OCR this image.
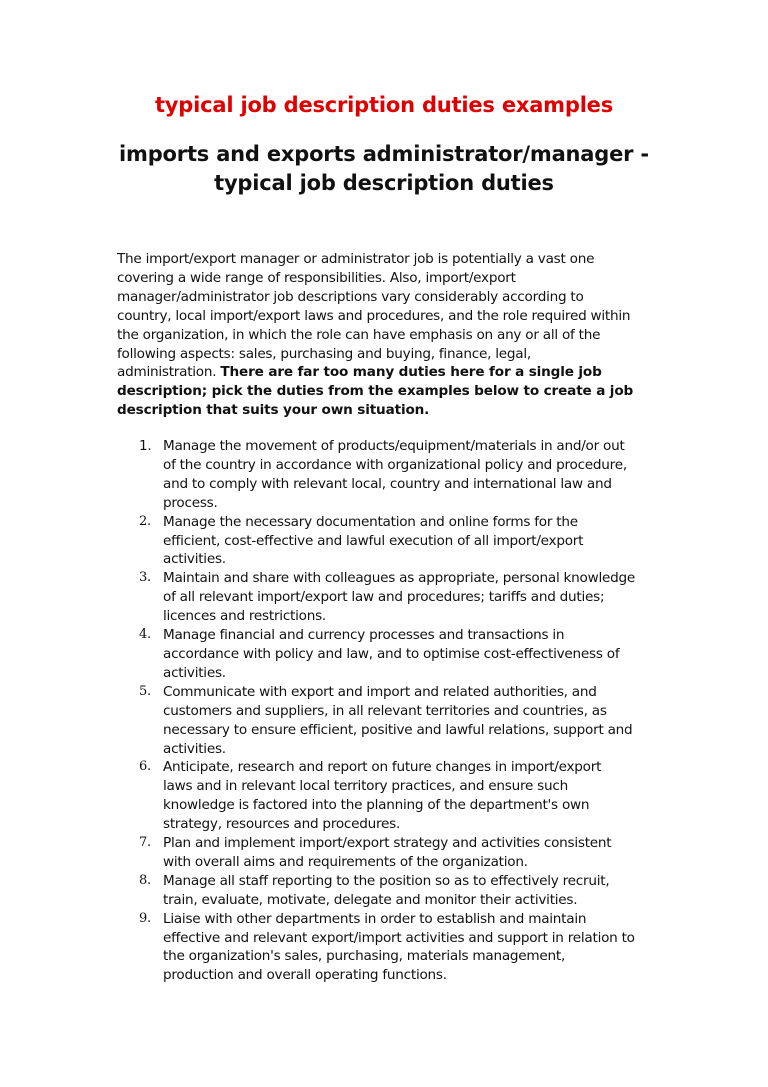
typical job description duties examples
imports and exports administrator/manager -
typical job description duties
The import/export manager or administrator job is potentially a vast one
covering a wide range of responsibilities. Also, import/export
manager/administrator job descriptions vary considerably according to
country, local import/export laws and procedures, and the role required within
the organization, in which the role can have emphasis on any or all of the
following aspects: sales, purchasing and buying, finance, legal,
administration. There are far too many duties here for a single job
description; pick the duties from the examples below to create a job
description that suits your own situation.
1. Manage the movement of products/equipment/materials in and/or out
of the country in accordance with organizational policy and procedure,
and to comply with relevant local, country and international law and
process.
2. Manage the necessary documentation and online forms for the
efficient, cost-effective and lawful execution of all import/export
activities.
3. Maintain and share with colleagues as appropriate, personal knowledge
of all relevant import/export law and procedures; tariffs and duties;
licences and restrictions.
4. Manage financial and currency processes and transactions in
accordance with policy and law, and to optimise cost-effectiveness of
activities.
5. Communicate with export and import and related authorities, and
customers and suppliers, in all relevant territories and countries, as
necessary to ensure efficient, positive and lawful relations, support and
activities.
6. Anticipate, research and report on future changes in import/export
laws and in relevant local territory practices, and ensure such
knowledge is factored into the planning of the department's own
strategy, resources and procedures.
7. Plan and implement import/export strategy and activities consistent
with overall aims and requirements of the organization.
8. Manage all staff reporting to the position so as to effectively recruit,
train, evaluate, motivate, delegate and monitor their activities.
9. Liaise with other departments in order to establish and maintain
effective and relevant export/import activities and support in relation to
the organization's sales, purchasing, materials management,
production and overall operating functions.
